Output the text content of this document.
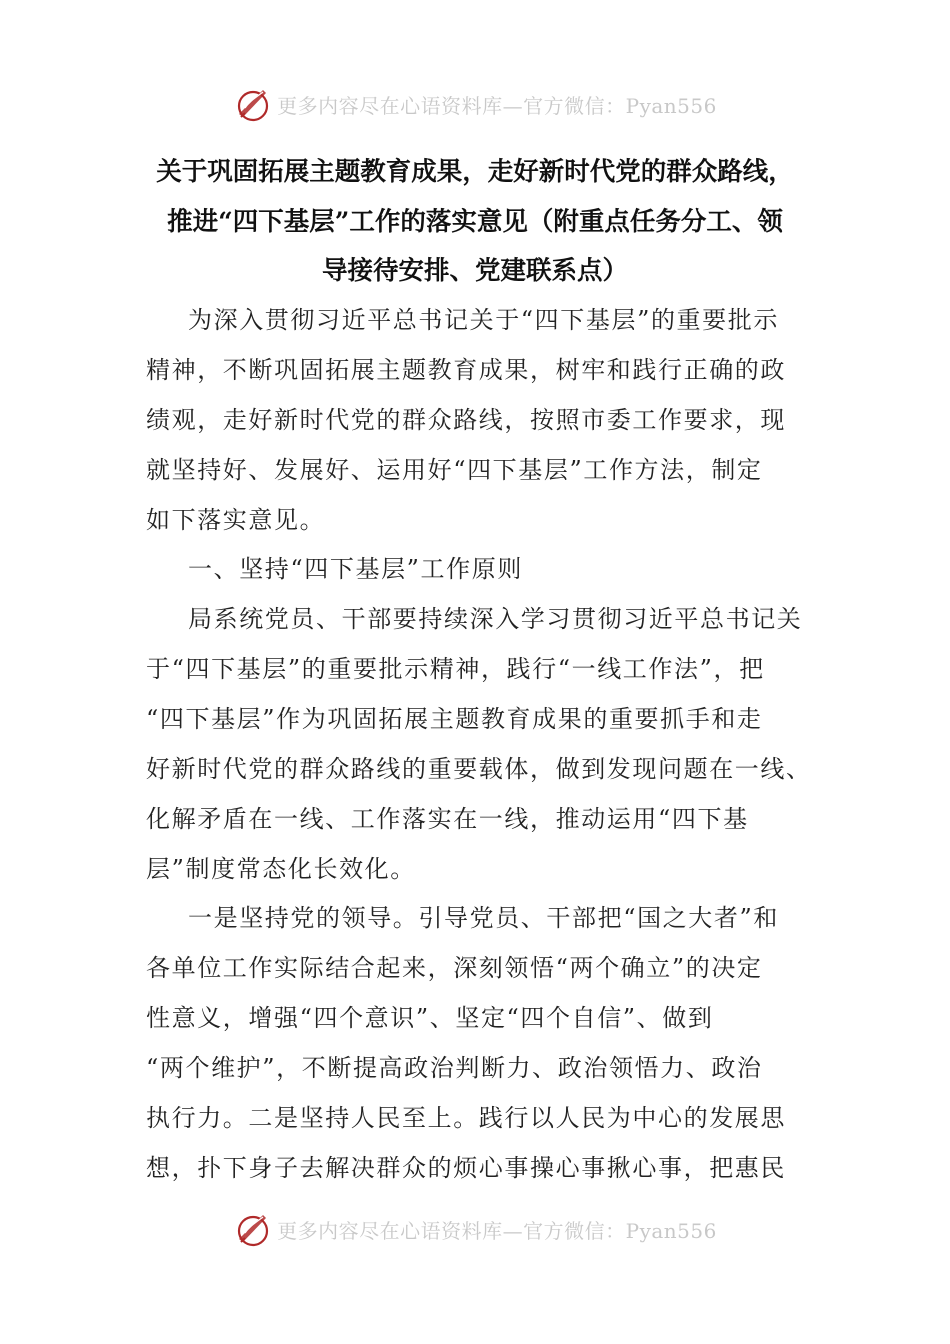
更多内容尽在心语资料库—官方微信：Pyan556
关于巩固拓展主题教育成果，走好新时代党的群众路线，
推进“四下基层”工作的落实意见（附重点任务分工、领
导接待安排、党建联系点）
为深入贯彻习近平总书记关于“四下基层”的重要批示
精神，不断巩固拓展主题教育成果，树牢和践行正确的政
绩观，走好新时代党的群众路线，按照市委工作要求，现
就坚持好、发展好、运用好“四下基层”工作方法，制定
如下落实意见。
一、坚持“四下基层”工作原则
局系统党员、干部要持续深入学习贯彻习近平总书记关
于“四下基层”的重要批示精神，践行“一线工作法”，把
“四下基层”作为巩固拓展主题教育成果的重要抓手和走
好新时代党的群众路线的重要载体，做到发现问题在一线、
化解矛盾在一线、工作落实在一线，推动运用“四下基
层”制度常态化长效化。
一是坚持党的领导。引导党员、干部把“国之大者”和
各单位工作实际结合起来，深刻领悟“两个确立”的决定
性意义，增强“四个意识”、坚定“四个自信”、做到
“两个维护”，不断提高政治判断力、政治领悟力、政治
执行力。二是坚持人民至上。践行以人民为中心的发展思
想，扑下身子去解决群众的烦心事操心事揪心事，把惠民
更多内容尽在心语资料库—官方微信：Pyan556
